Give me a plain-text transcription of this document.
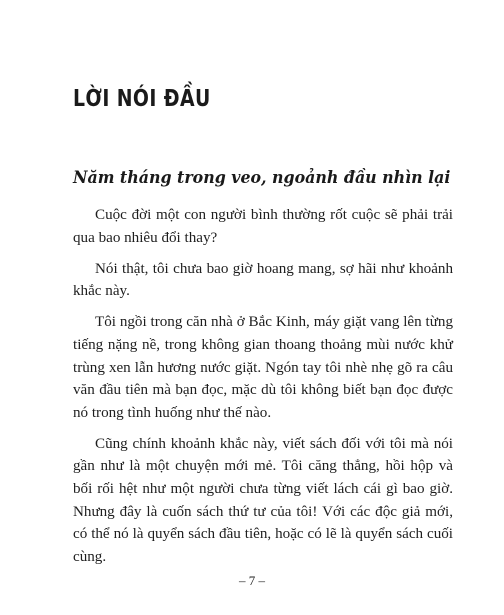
LỜI NÓI ĐẦU
Năm tháng trong veo, ngoảnh đầu nhìn lại

Cuộc đời một con người bình thường rốt cuộc sẽ phải trải qua bao nhiêu đổi thay?

Nói thật, tôi chưa bao giờ hoang mang, sợ hãi như khoảnh khắc này.

Tôi ngồi trong căn nhà ở Bắc Kinh, máy giặt vang lên từng tiếng nặng nề, trong không gian thoang thoảng mùi nước khử trùng xen lẫn hương nước giặt. Ngón tay tôi nhè nhẹ gõ ra câu văn đầu tiên mà bạn đọc, mặc dù tôi không biết bạn đọc được nó trong tình huống như thế nào.

Cũng chính khoảnh khắc này, viết sách đối với tôi mà nói gần như là một chuyện mới mẻ. Tôi căng thẳng, hồi hộp và bối rối hệt như một người chưa từng viết lách cái gì bao giờ. Nhưng đây là cuốn sách thứ tư của tôi! Với các độc giả mới, có thể nó là quyển sách đầu tiên, hoặc có lẽ là quyển sách cuối cùng.

– 7 –
